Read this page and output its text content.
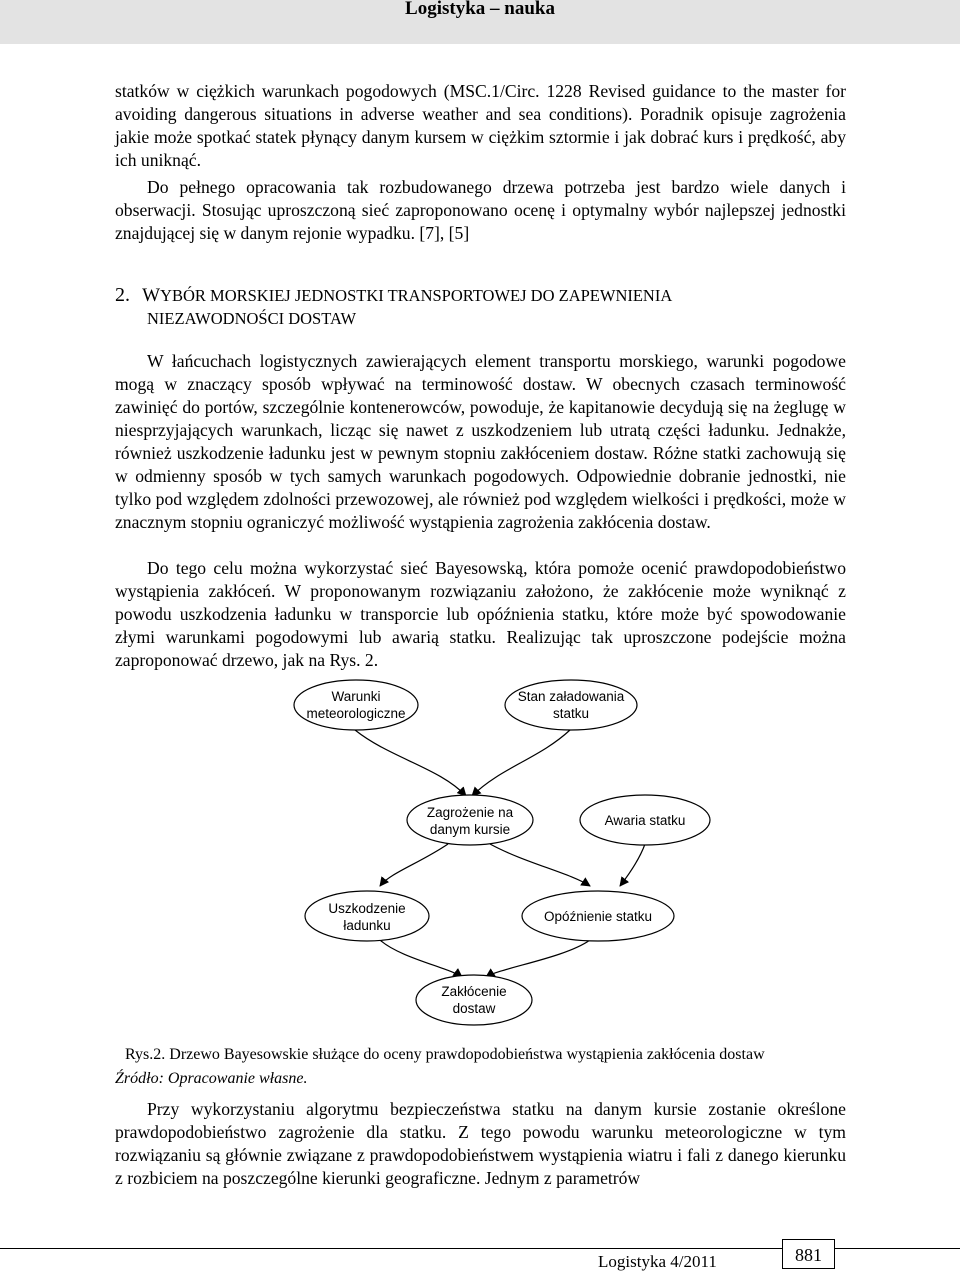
Logistyka – nauka
statków w ciężkich warunkach pogodowych (MSC.1/Circ. 1228 Revised guidance to the master for avoiding dangerous situations in adverse weather and sea conditions). Poradnik opisuje zagrożenia jakie może spotkać statek płynący danym kursem w ciężkim sztormie i jak dobrać kurs i prędkość, aby ich uniknąć.
Do pełnego opracowania tak rozbudowanego drzewa potrzeba jest bardzo wiele danych i obserwacji. Stosując uproszczoną sieć zaproponowano ocenę i optymalny wybór najlepszej jednostki znajdującej się w danym rejonie wypadku. [7], [5]
2. WYBÓR MORSKIEJ JEDNOSTKI TRANSPORTOWEJ DO ZAPEWNIENIA
NIEZAWODNOŚCI DOSTAW
W łańcuchach logistycznych zawierających element transportu morskiego, warunki pogodowe mogą w znaczący sposób wpływać na terminowość dostaw. W obecnych czasach terminowość zawinięć do portów, szczególnie kontenerowców, powoduje, że kapitanowie decydują się na żeglugę w niesprzyjających warunkach, licząc się nawet z uszkodzeniem lub utratą części ładunku. Jednakże, również uszkodzenie ładunku jest w pewnym stopniu zakłóceniem dostaw. Różne statki zachowują się w odmienny sposób w tych samych warunkach pogodowych. Odpowiednie dobranie jednostki, nie tylko pod względem zdolności przewozowej, ale również pod względem wielkości i prędkości, może w znacznym stopniu ograniczyć możliwość wystąpienia zagrożenia zakłócenia dostaw.
Do tego celu można wykorzystać sieć Bayesowską, która pomoże ocenić prawdopodobieństwo wystąpienia zakłóceń. W proponowanym rozwiązaniu założono, że zakłócenie może wyniknąć z powodu uszkodzenia ładunku w transporcie lub opóźnienia statku, które może być spowodowanie złymi warunkami pogodowymi lub awarią statku. Realizując tak uproszczone podejście można zaproponować drzewo, jak na Rys. 2.
Warunki
meteorologiczne
Stan załadowania
statku
Zagrożenie na
danym kursie
Awaria statku
Uszkodzenie
ładunku
Opóźnienie statku
Zakłócenie
dostaw
Rys.2. Drzewo Bayesowskie służące do oceny prawdopodobieństwa wystąpienia zakłócenia dostaw
Źródło: Opracowanie własne.
Przy wykorzystaniu algorytmu bezpieczeństwa statku na danym kursie zostanie określone prawdopodobieństwo zagrożenie dla statku. Z tego powodu warunku meteorologiczne w tym rozwiązaniu są głównie związane z prawdopodobieństwem wystąpienia wiatru i fali z danego kierunku z rozbiciem na poszczególne kierunki geograficzne. Jednym z parametrów
Logistyka 4/2011	881
